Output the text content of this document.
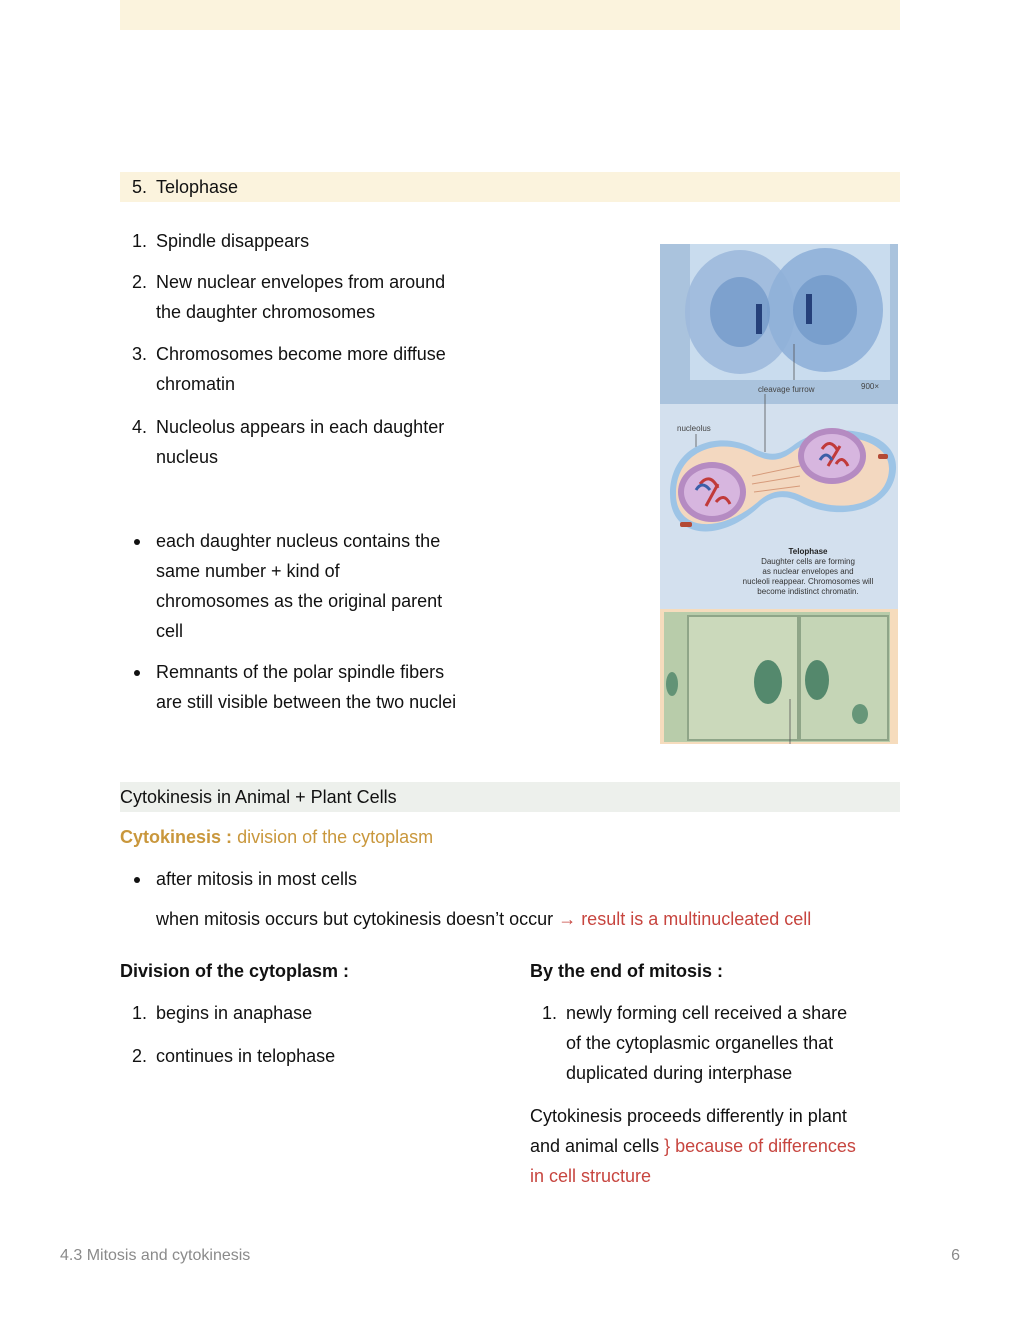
5. Telophase
1. Spindle disappears
2. New nuclear envelopes from around
the daughter chromosomes
3. Chromosomes become more diffuse
chromatin
4. Nucleolus appears in each daughter
nucleus
each daughter nucleus contains the
same number + kind of
chromosomes as the original parent
cell
Remnants of the polar spindle fibers
are still visible between the two nuclei
cleavage furrow	900×
nucleolus
Telophase
Daughter cells are forming
as nuclear envelopes and
nucleoli reappear. Chromosomes will
become indistinct chromatin.
Cytokinesis in Animal + Plant Cells
Cytokinesis : division of the cytoplasm
after mitosis in most cells
when mitosis occurs but cytokinesis doesn’t occur → result is a multinucleated cell
Division of the cytoplasm :
1. begins in anaphase
2. continues in telophase
By the end of mitosis :
1. newly forming cell received a share
of the cytoplasmic organelles that
duplicated during interphase
Cytokinesis proceeds differently in plant
and animal cells } because of differences
in cell structure
4.3 Mitosis and cytokinesis	6
